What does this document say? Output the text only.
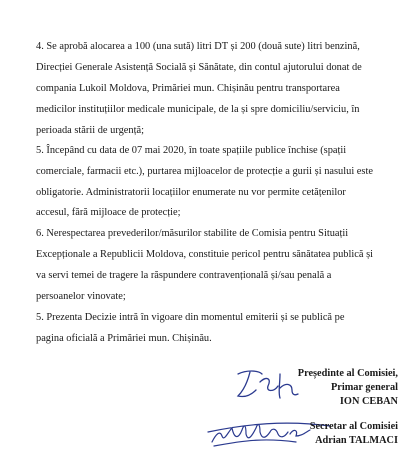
4. Se aprobă alocarea a 100 (una sută) litri DT și 200 (două sute) litri benzină,
Direcției Generale Asistență Socială și Sănătate, din contul ajutorului donat de
compania Lukoil Moldova, Primăriei mun. Chișinău pentru transportarea
medicilor instituțiilor medicale municipale, de la și spre domiciliu/serviciu, în
perioada stării de urgență;
5. Începând cu data de 07 mai 2020, în toate spațiile publice închise (spații
comerciale, farmacii etc.), purtarea mijloacelor de protecție a gurii și nasului este
obligatorie. Administratorii locațiilor enumerate nu vor permite cetățenilor
accesul, fără mijloace de protecție;
6. Nerespectarea prevederilor/măsurilor stabilite de Comisia pentru Situații
Excepționale a Republicii Moldova, constituie pericol pentru sănătatea publică și
va servi temei de tragere la răspundere contravențională și/sau penală a
persoanelor vinovate;
5. Prezenta Decizie intră în vigoare din momentul emiterii și se publică pe
pagina oficială a Primăriei mun. Chișinău.
Președinte al Comisiei,
Primar general
ION CEBAN
Secretar al Comisiei
Adrian TALMACI
